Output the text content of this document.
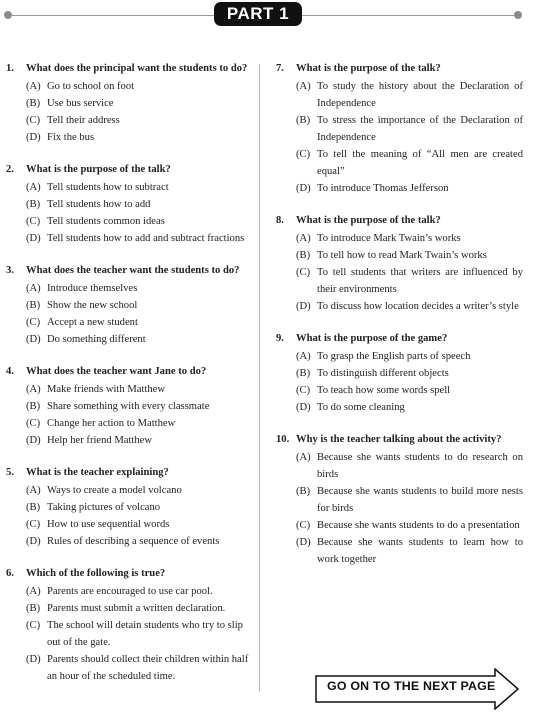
PART 1
1.	What does the principal want the students to do?
(A) Go to school on foot
(B) Use bus service
(C) Tell their address
(D) Fix the bus
2.	What is the purpose of the talk?
(A) Tell students how to subtract
(B) Tell students how to add
(C) Tell students common ideas
(D) Tell students how to add and subtract fractions
3.	What does the teacher want the students to do?
(A) Introduce themselves
(B) Show the new school
(C) Accept a new student
(D) Do something different
4.	What does the teacher want Jane to do?
(A) Make friends with Matthew
(B) Share something with every classmate
(C) Change her action to Matthew
(D) Help her friend Matthew
5.	What is the teacher explaining?
(A) Ways to create a model volcano
(B) Taking pictures of volcano
(C) How to use sequential words
(D) Rules of describing a sequence of events
6.	Which of the following is true?
(A) Parents are encouraged to use car pool.
(B) Parents must submit a written declaration.
(C) The school will detain students who try to slip out of the gate.
(D) Parents should collect their children within half an hour of the scheduled time.
7.	What is the purpose of the talk?
(A) To study the history about the Declaration of Independence
(B) To stress the importance of the Declaration of Independence
(C) To tell the meaning of “All men are created equal”
(D) To introduce Thomas Jefferson
8.	What is the purpose of the talk?
(A) To introduce Mark Twain’s works
(B) To tell how to read Mark Twain’s works
(C) To tell students that writers are influenced by their environments
(D) To discuss how location decides a writer’s style
9.	What is the purpose of the game?
(A) To grasp the English parts of speech
(B) To distinguish different objects
(C) To teach how some words spell
(D) To do some cleaning
10. Why is the teacher talking about the activity?
(A) Because she wants students to do research on birds
(B) Because she wants students to build more nests for birds
(C) Because she wants students to do a presentation
(D) Because she wants students to learn how to work together
GO ON TO THE NEXT PAGE
